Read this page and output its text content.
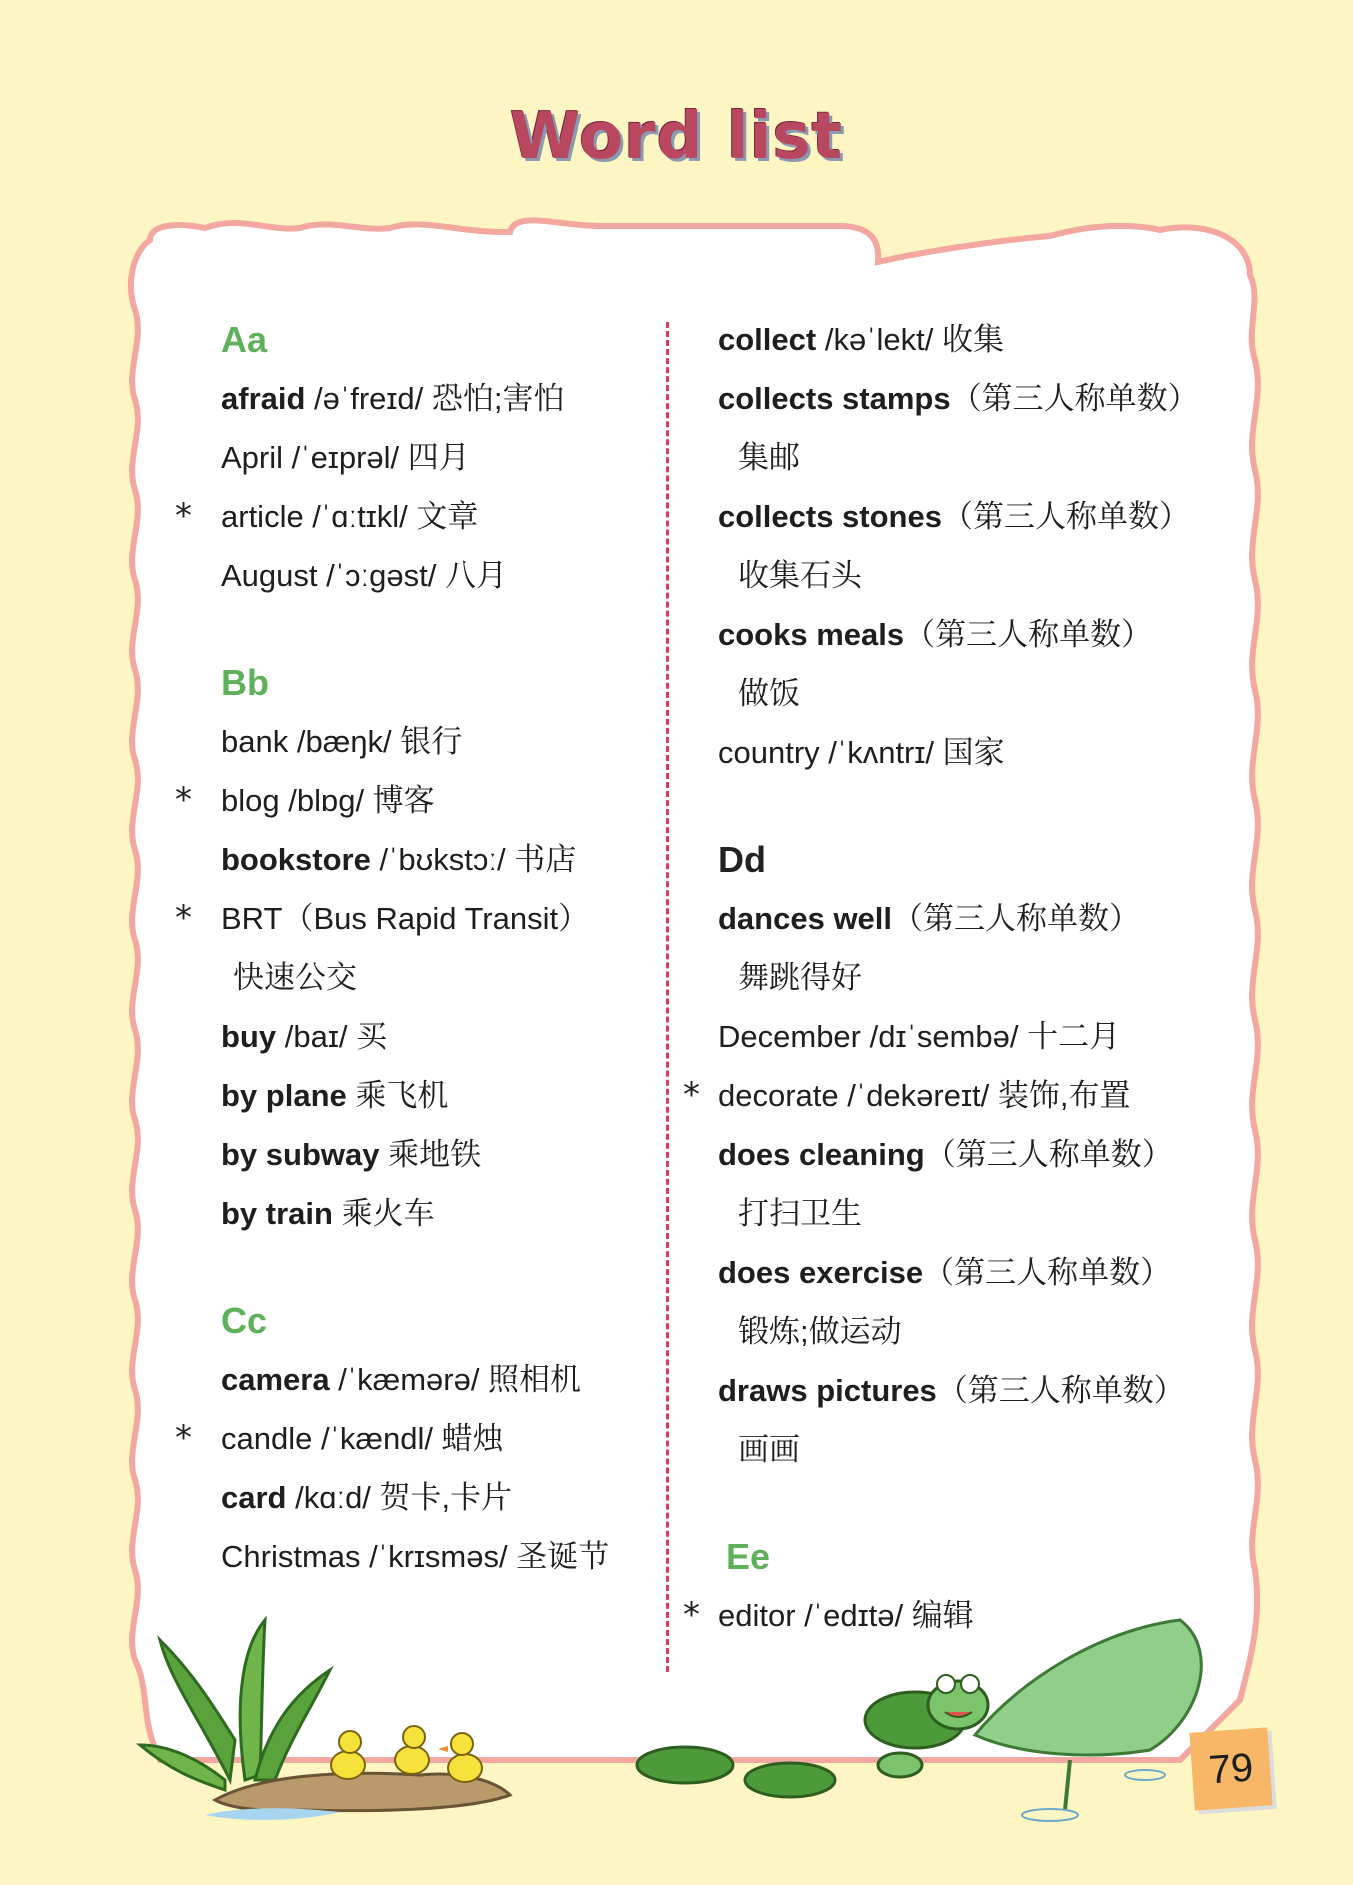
Word list
Aa
afraid /əˈfreɪd/ 恐怕;害怕
April /ˈeɪprəl/ 四月
* article /ˈɑːtɪkl/ 文章
August /ˈɔːgəst/ 八月
Bb
bank /bæŋk/ 银行
* blog /blɒg/ 博客
bookstore /ˈbʊkstɔː/ 书店
* BRT（Bus Rapid Transit）
快速公交
buy /baɪ/ 买
by plane 乘飞机
by subway 乘地铁
by train 乘火车
Cc
camera /ˈkæmərə/ 照相机
* candle /ˈkændl/ 蜡烛
card /kɑːd/ 贺卡,卡片
Christmas /ˈkrɪsməs/ 圣诞节
collect /kəˈlekt/ 收集
collects stamps（第三人称单数）
集邮
collects stones（第三人称单数）
收集石头
cooks meals（第三人称单数）
做饭
country /ˈkʌntrɪ/ 国家
Dd
dances well（第三人称单数）
舞跳得好
December /dɪˈsembə/ 十二月
* decorate /ˈdekəreɪt/ 装饰,布置
does cleaning（第三人称单数）
打扫卫生
does exercise（第三人称单数）
锻炼;做运动
draws pictures（第三人称单数）
画画
Ee
* editor /ˈedɪtə/ 编辑
79
